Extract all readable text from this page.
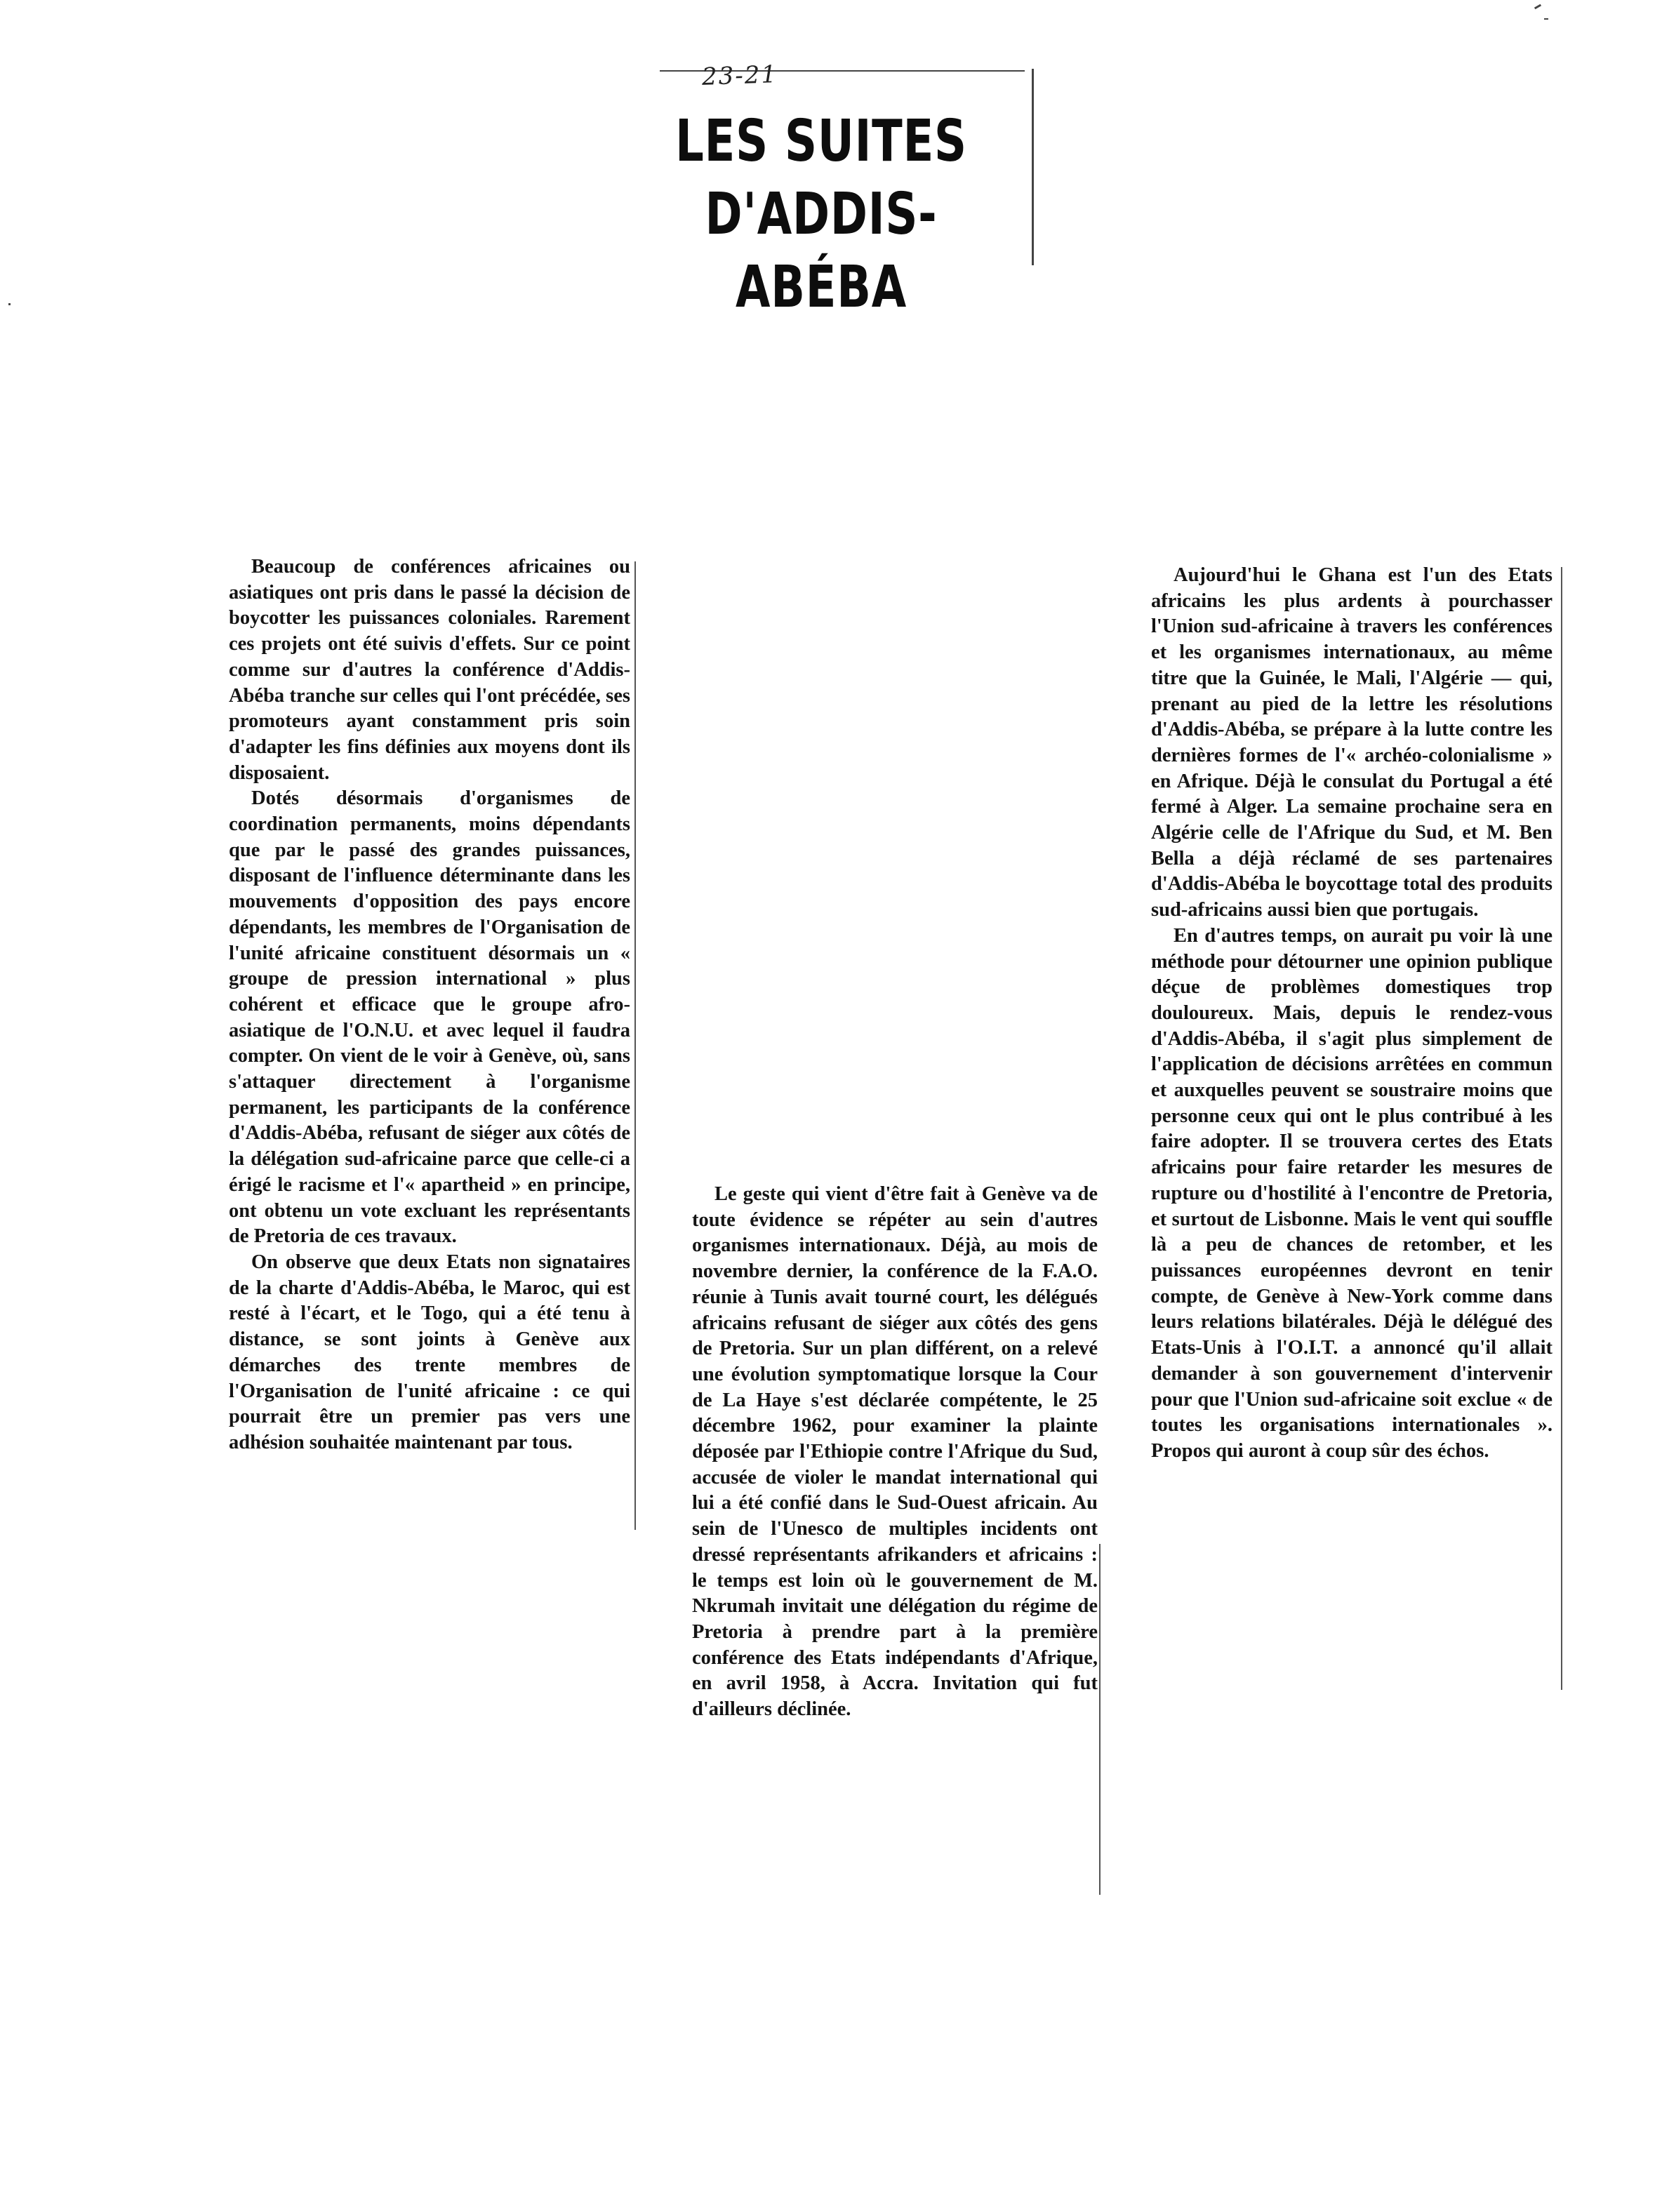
23-21
LES SUITES
D'ADDIS-ABÉBA

Beaucoup de conférences africaines ou asiatiques ont pris dans le passé la décision de boycotter les puissances coloniales. Rarement ces projets ont été suivis d'effets. Sur ce point comme sur d'autres la conférence d'Addis-Abéba tranche sur celles qui l'ont précédée, ses promoteurs ayant constamment pris soin d'adapter les fins définies aux moyens dont ils disposaient.

Dotés désormais d'organismes de coordination permanents, moins dépendants que par le passé des grandes puissances, disposant de l'influence déterminante dans les mouvements d'opposition des pays encore dépendants, les membres de l'Organisation de l'unité africaine constituent désormais un « groupe de pression international » plus cohérent et efficace que le groupe afro-asiatique de l'O.N.U. et avec lequel il faudra compter. On vient de le voir à Genève, où, sans s'attaquer directement à l'organisme permanent, les participants de la conférence d'Addis-Abéba, refusant de siéger aux côtés de la délégation sud-africaine parce que celle-ci a érigé le racisme et l'« apartheid » en principe, ont obtenu un vote excluant les représentants de Pretoria de ces travaux.

On observe que deux Etats non signataires de la charte d'Addis-Abéba, le Maroc, qui est resté à l'écart, et le Togo, qui a été tenu à distance, se sont joints à Genève aux démarches des trente membres de l'Organisation de l'unité africaine : ce qui pourrait être un premier pas vers une adhésion souhaitée maintenant par tous.

Le geste qui vient d'être fait à Genève va de toute évidence se répéter au sein d'autres organismes internationaux. Déjà, au mois de novembre dernier, la conférence de la F.A.O. réunie à Tunis avait tourné court, les délégués africains refusant de siéger aux côtés des gens de Pretoria. Sur un plan différent, on a relevé une évolution symptomatique lorsque la Cour de La Haye s'est déclarée compétente, le 25 décembre 1962, pour examiner la plainte déposée par l'Ethiopie contre l'Afrique du Sud, accusée de violer le mandat international qui lui a été confié dans le Sud-Ouest africain. Au sein de l'Unesco de multiples incidents ont dressé représentants afrikanders et africains : le temps est loin où le gouvernement de M. Nkrumah invitait une délégation du régime de Pretoria à prendre part à la première conférence des Etats indépendants d'Afrique, en avril 1958, à Accra. Invitation qui fut d'ailleurs déclinée.

Aujourd'hui le Ghana est l'un des Etats africains les plus ardents à pourchasser l'Union sud-africaine à travers les conférences et les organismes internationaux, au même titre que la Guinée, le Mali, l'Algérie — qui, prenant au pied de la lettre les résolutions d'Addis-Abéba, se prépare à la lutte contre les dernières formes de l'« archéo-colonialisme » en Afrique. Déjà le consulat du Portugal a été fermé à Alger. La semaine prochaine sera en Algérie celle de l'Afrique du Sud, et M. Ben Bella a déjà réclamé de ses partenaires d'Addis-Abéba le boycottage total des produits sud-africains aussi bien que portugais.

En d'autres temps, on aurait pu voir là une méthode pour détourner une opinion publique déçue de problèmes domestiques trop douloureux. Mais, depuis le rendez-vous d'Addis-Abéba, il s'agit plus simplement de l'application de décisions arrêtées en commun et auxquelles peuvent se soustraire moins que personne ceux qui ont le plus contribué à les faire adopter. Il se trouvera certes des Etats africains pour faire retarder les mesures de rupture ou d'hostilité à l'encontre de Pretoria, et surtout de Lisbonne. Mais le vent qui souffle là a peu de chances de retomber, et les puissances européennes devront en tenir compte, de Genève à New-York comme dans leurs relations bilatérales. Déjà le délégué des Etats-Unis à l'O.I.T. a annoncé qu'il allait demander à son gouvernement d'intervenir pour que l'Union sud-africaine soit exclue « de toutes les organisations internationales ». Propos qui auront à coup sûr des échos.
